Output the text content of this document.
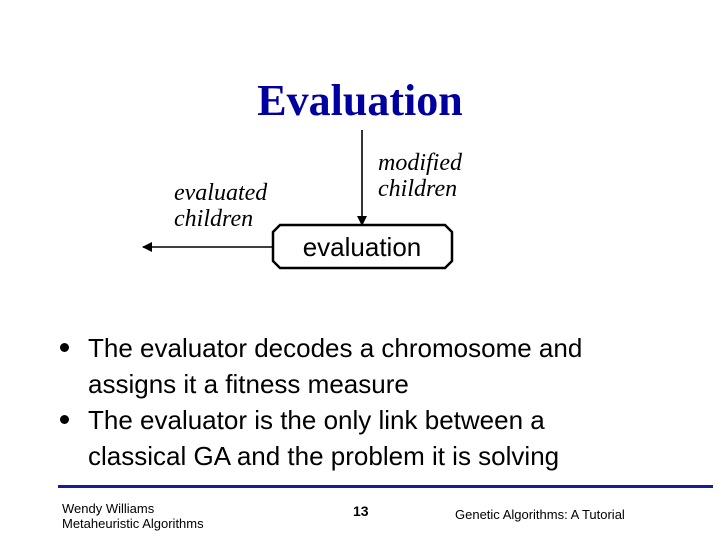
Evaluation
modified
children
evaluated
children
evaluation
The evaluator decodes a chromosome and
assigns it a fitness measure
The evaluator is the only link between a
classical GA and the problem it is solving
Wendy Williams
Metaheuristic Algorithms
13	Genetic Algorithms: A Tutorial
